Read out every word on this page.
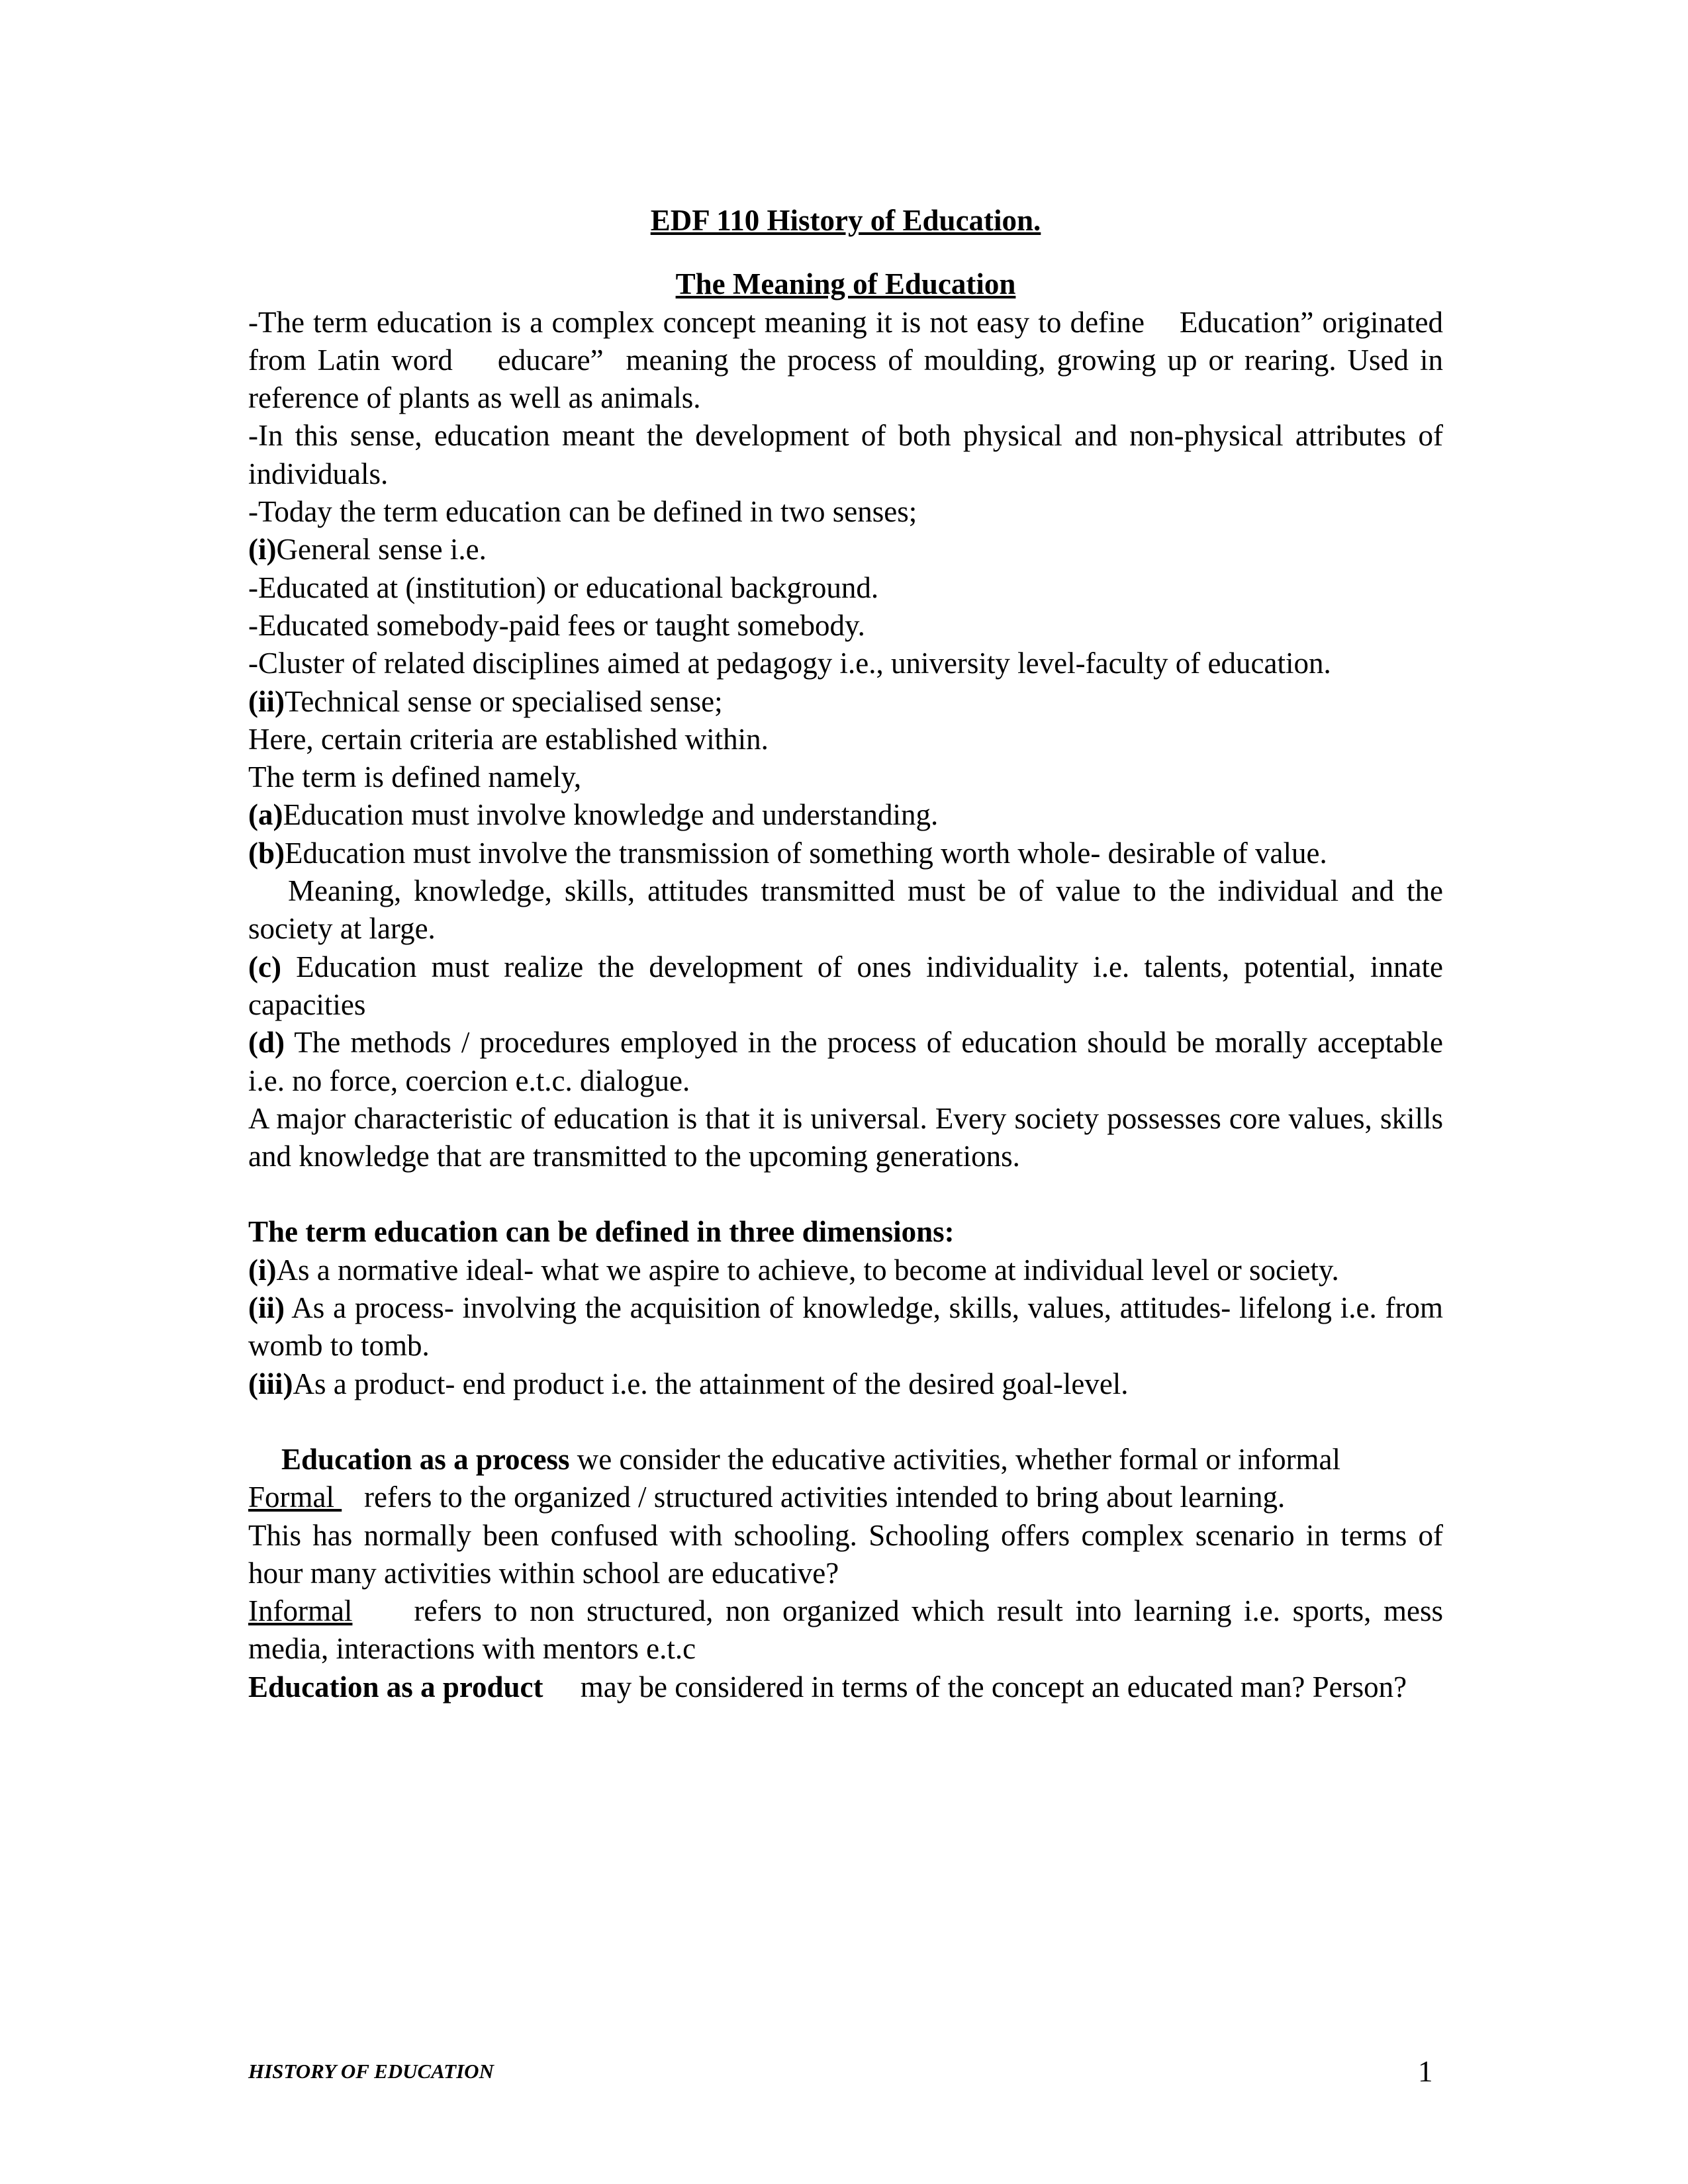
EDF 110 History of Education.

The Meaning of Education

-The term education is a complex concept meaning it is not easy to define    Education” originated from Latin word    educare”  meaning the process of moulding, growing up or rearing. Used in reference of plants as well as animals.

-In this sense, education meant the development of both physical and non-physical attributes of individuals.

-Today the term education can be defined in two senses;

(i)General sense i.e.

-Educated at (institution) or educational background.

-Educated somebody-paid fees or taught somebody.

-Cluster of related disciplines aimed at pedagogy i.e., university level-faculty of education.

(ii)Technical sense or specialised sense;

Here, certain criteria are established within.

The term is defined namely,

(a)Education must involve knowledge and understanding.

(b)Education must involve the transmission of something worth whole- desirable of value.

Meaning, knowledge, skills, attitudes transmitted must be of value to the individual and the society at large.

(c) Education must realize the development of ones individuality i.e. talents, potential, innate capacities

(d) The methods / procedures employed in the process of education should be morally acceptable i.e. no force, coercion e.t.c. dialogue.

A major characteristic of education is that it is universal. Every society possesses core values, skills and knowledge that are transmitted to the upcoming generations.

The term education can be defined in three dimensions:

(i)As a normative ideal- what we aspire to achieve, to become at individual level or society.

(ii) As a process- involving the acquisition of knowledge, skills, values, attitudes- lifelong i.e. from womb to tomb.

(iii)As a product- end product i.e. the attainment of the desired goal-level.

Education as a process we consider the educative activities, whether formal or informal

Formal    refers to the organized / structured activities intended to bring about learning.

This has normally been confused with schooling. Schooling offers complex scenario in terms of hour many activities within school are educative?

Informal     refers to non structured, non organized which result into learning i.e. sports, mess media, interactions with mentors e.t.c

Education as a product     may be considered in terms of the concept an educated man? Person?

HISTORY OF EDUCATION	1
